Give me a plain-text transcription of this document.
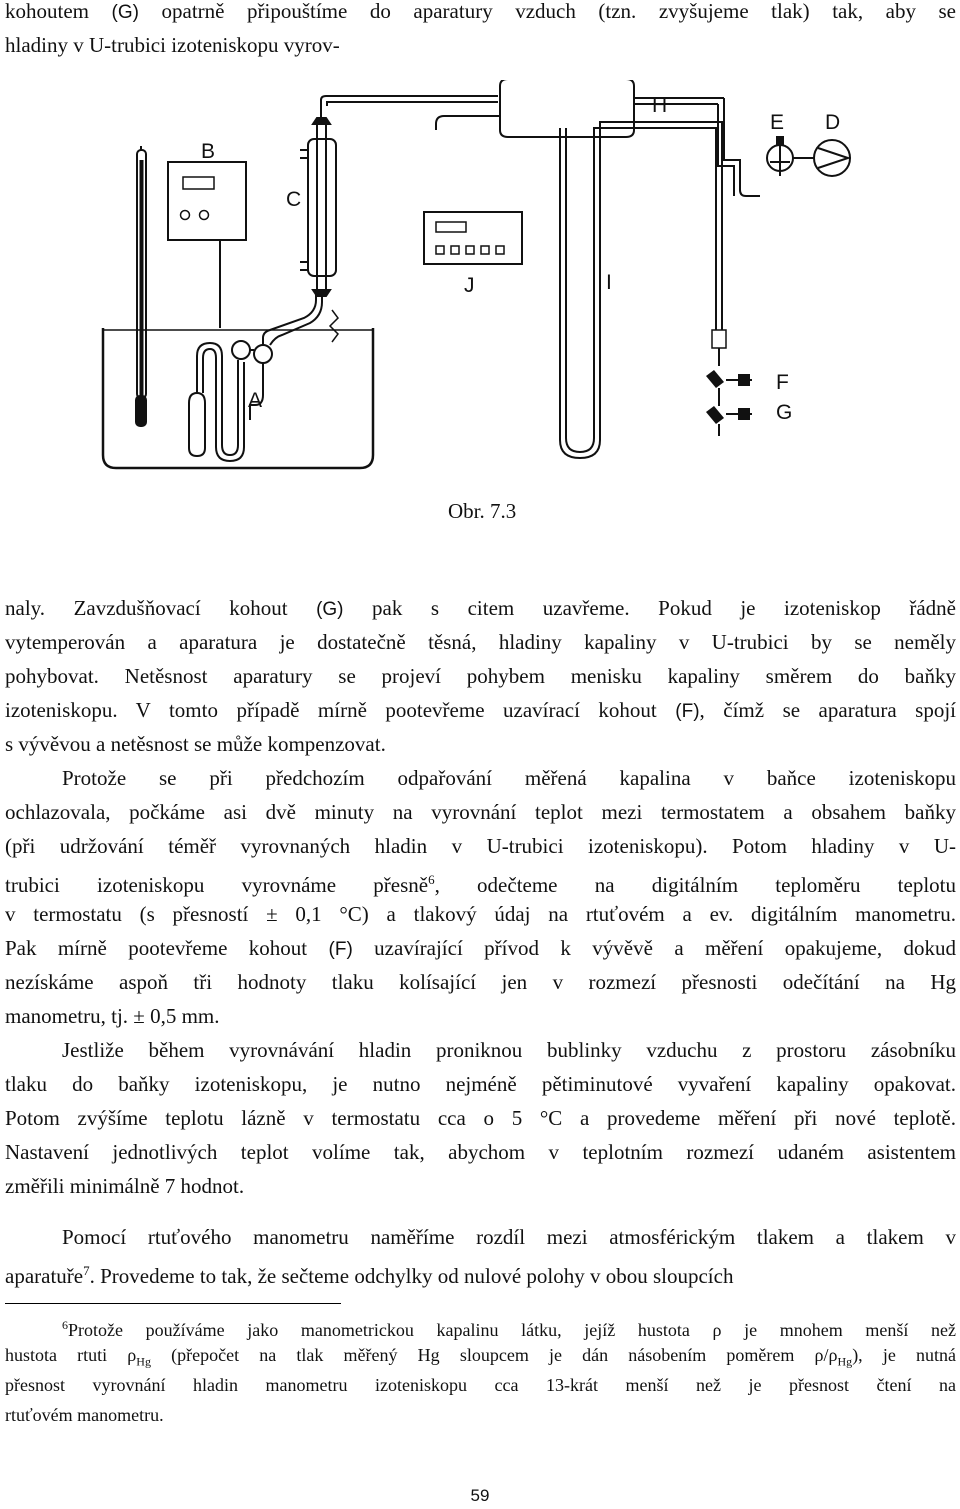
kohoutem (G) opatrně připouštíme do aparatury vzduch (tzn. zvyšujeme tlak) tak, aby se

hladiny v U-trubici izoteniskopu vyrov-

B
C
H
E D
J	I
A
F
G
Obr. 7.3

naly. Zavzdušňovací kohout (G) pak s citem uzavřeme. Pokud je izoteniskop řádně

vytemperován a aparatura je dostatečně těsná, hladiny kapaliny v U-trubici by se neměly

pohybovat. Netěsnost aparatury se projeví pohybem menisku kapaliny směrem do baňky

izoteniskopu. V tomto případě mírně pootevřeme uzavírací kohout (F), čímž se aparatura spojí

s vývěvou a netěsnost se může kompenzovat.

Protože se při předchozím odpařování měřená kapalina v baňce izoteniskopu

ochlazovala, počkáme asi dvě minuty na vyrovnání teplot mezi termostatem a obsahem baňky

(při udržování téměř vyrovnaných hladin v U-trubici izoteniskopu). Potom hladiny v U-

trubici izoteniskopu vyrovnáme přesně$^6$, odečteme na digitálním teploměru teplotu

v termostatu (s přesností ± 0,1 °C) a tlakový údaj na rtuťovém a ev. digitálním manometru.

Pak mírně pootevřeme kohout (F) uzavírající přívod k vývěvě a měření opakujeme, dokud

nezískáme aspoň tři hodnoty tlaku kolísající jen v rozmezí přesnosti odečítání na Hg

manometru, tj. ± 0,5 mm.

Jestliže během vyrovnávání hladin proniknou bublinky vzduchu z prostoru zásobníku

tlaku do baňky izoteniskopu, je nutno nejméně pětiminutové vyvaření kapaliny opakovat.

Potom zvýšíme teplotu lázně v termostatu cca o 5 °C a provedeme měření při nové teplotě.

Nastavení jednotlivých teplot volíme tak, abychom v teplotním rozmezí udaném asistentem

změřili minimálně 7 hodnot.

Pomocí rtuťového manometru naměříme rozdíl mezi atmosférickým tlakem a tlakem v

aparatuře$^7$. Provedeme to tak, že sečteme odchylky od nulové polohy v obou sloupcích

$^6$Protože používáme jako manometrickou kapalinu látku, jejíž hustota ρ je mnohem menší než

hustota rtuti $\rho_{Hg}$ (přepočet na tlak měřený Hg sloupcem je dán násobením poměrem $\rho/\rho_{Hg}$), je nutná

přesnost vyrovnání hladin manometru izoteniskopu cca 13-krát menší než je přesnost čtení na

rtuťovém manometru.

59
